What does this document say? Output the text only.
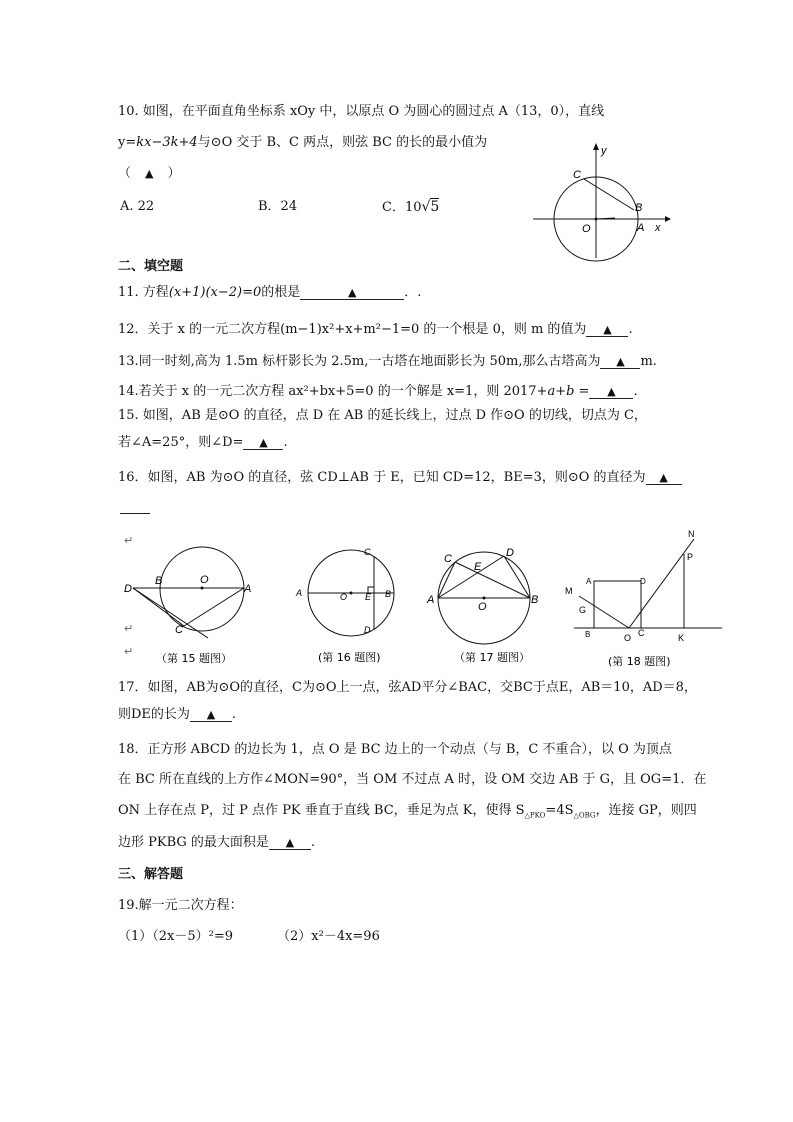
10. 如图，在平面直角坐标系 xOy 中，以原点 O 为圆心的圆过点 A（13，0），直线
y=kx−3k+4与⊙O 交于 B、C 两点，则弦 BC 的长的最小值为
（ ▲ ）
A. 22	B．24	C．10√5
y
x
C
B
O	A
二、填空题
11. 方程(x+1)(x−2)=0的根是	▲	．.
12．关于 x 的一元二次方程(m−1)x²+x+m²−1=0 的一个根是 0，则 m 的值为 ▲ .
13.同一时刻,高为 1.5m 标杆影长为 2.5m,一古塔在地面影长为 50m,那么古塔高为 ▲ m.
14.若关于 x 的一元二次方程 ax²+bx+5=0 的一个解是 x=1，则 2017+a+b = ▲ .
15. 如图，AB 是⊙O 的直径，点 D 在 AB 的延长线上，过点 D 作⊙O 的切线，切点为 C，
若∠A=25°，则∠D= ▲ .
16．如图，AB 为⊙O 的直径，弦 CD⊥AB 于 E，已知 CD=12，BE=3，则⊙O 的直径为 ▲
↵
↵
↵
D
B	O
A
C
（第 15 题图）
A	O E B
C
D
(第 16 题图)
A	B
C	D
E
O
（第 17 题图）
N
P
M
G
A	D
B	O C	K
(第 18 题图)
17．如图，AB为⊙O的直径，C为⊙O上一点，弦AD平分∠BAC，交BC于点E，AB＝10，AD＝8，
则DE的长为 ▲ .
18．正方形 ABCD 的边长为 1，点 O 是 BC 边上的一个动点（与 B，C 不重合），以 O 为顶点
在 BC 所在直线的上方作∠MON=90°，当 OM 不过点 A 时，设 OM 交边 AB 于 G，且 OG=1．在
ON 上存在点 P，过 P 点作 PK 垂直于直线 BC，垂足为点 K，使得 $S_{\triangle PKO}=4S_{\triangle OBG}$，连接 GP，则四
边形 PKBG 的最大面积是 ▲ .
三、解答题
19.解一元二次方程：
（1）（2x－5）²=9	（2）x²－4x=96
